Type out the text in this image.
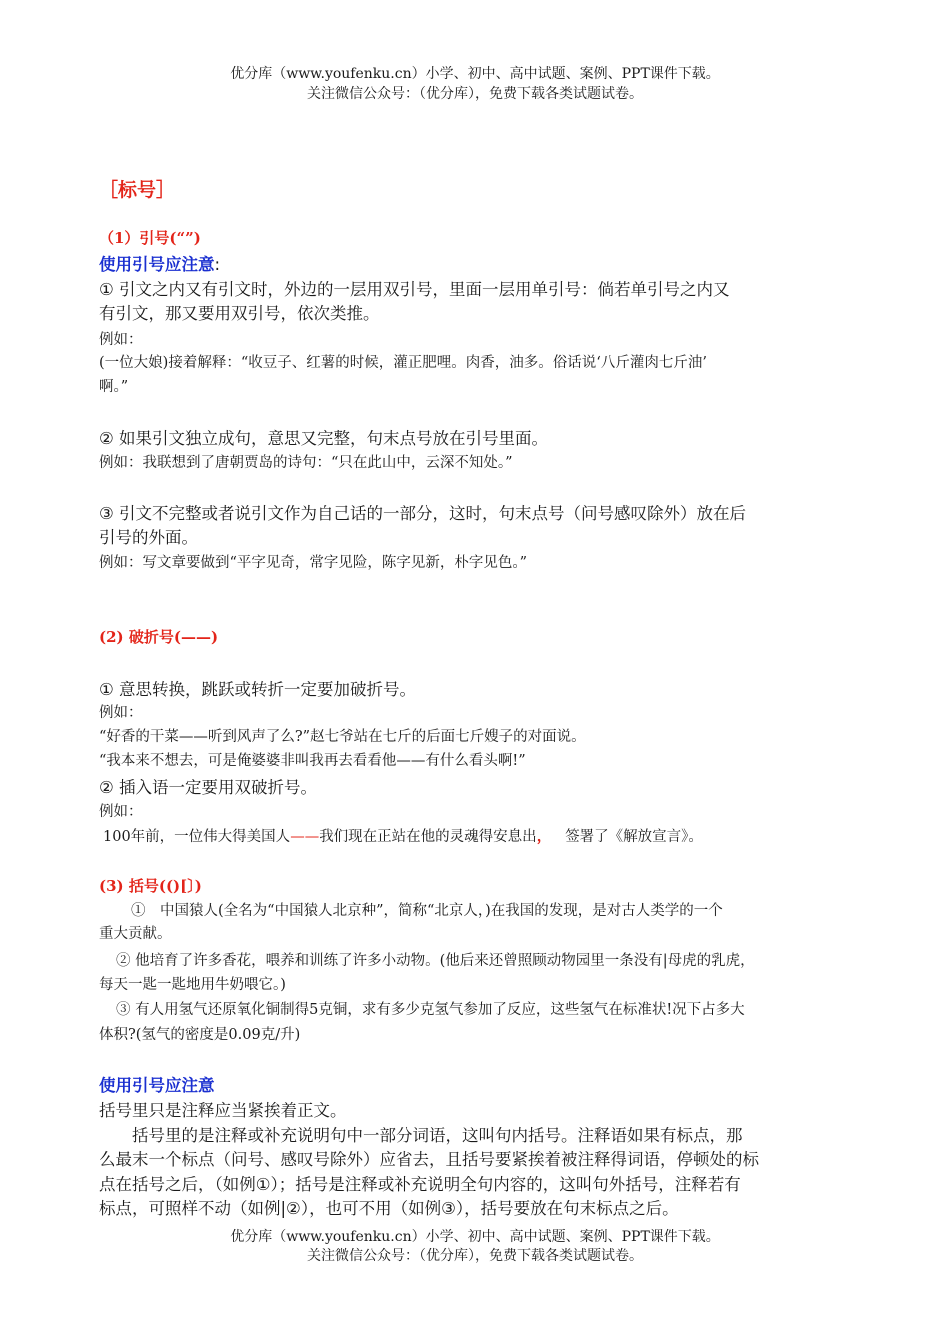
优分库（www.youfenku.cn）小学、初中、高中试题、案例、PPT课件下载。
关注微信公众号：（优分库），免费下载各类试题试卷。
［标号］
（1）引号(“”)
使用引号应注意:
① 引文之内又有引文时，外边的一层用双引号，里面一层用单引号：倘若单引号之内又
有引文，那又要用双引号，依次类推。
例如：
(一位大娘)接着解释：“收豆子、红薯的时候，灌正肥哩。肉香，油多。俗话说‘八斤灌肉七斤油’
啊。”
② 如果引文独立成句，意思又完整，句末点号放在引号里面。
例如：我联想到了唐朝贾岛的诗句：“只在此山中，云深不知处。”
③ 引文不完整或者说引文作为自己话的一部分，这时，句末点号（问号感叹除外）放在后
引号的外面。
例如：写文章要做到“平字见奇，常字见险，陈字见新，朴字见色。”
(2) 破折号(——)
① 意思转换，跳跃或转折一定要加破折号。
例如：
“好香的干菜——听到风声了么?”赵七爷站在七斤的后面七斤嫂子的对面说。
“我本来不想去，可是俺婆婆非叫我再去看看他——有什么看头啊!”
② 插入语一定要用双破折号。
例如：
100年前，一位伟大得美国人——我们现在正站在他的灵魂得安息出， 签署了《解放宣言》。
(3) 括号(()[〕)
①　中国猿人(全名为“中国猿人北京种”，简称“北京人，)在我国的发现，是对古人类学的一个
重大贡献。
② 他培育了许多香花，喂养和训练了许多小动物。(他后来还曾照顾动物园里一条没有|母虎的乳虎，
每天一匙一匙地用牛奶喂它。)
③ 有人用氢气还原氧化铜制得5克铜，求有多少克氢气参加了反应，这些氢气在标准状!况下占多大
体积?(氢气的密度是0.09克/升)
使用引号应注意
括号里只是注释应当紧挨着正文。
　　括号里的是注释或补充说明句中一部分词语，这叫句内括号。注释语如果有标点，那
么最末一个标点（问号、感叹号除外）应省去，且括号要紧挨着被注释得词语，停顿处的标
点在括号之后，（如例①）；括号是注释或补充说明全句内容的，这叫句外括号，注释若有
标点，可照样不动（如例|②），也可不用（如例③），括号要放在句末标点之后。
优分库（www.youfenku.cn）小学、初中、高中试题、案例、PPT课件下载。
关注微信公众号：（优分库），免费下载各类试题试卷。
